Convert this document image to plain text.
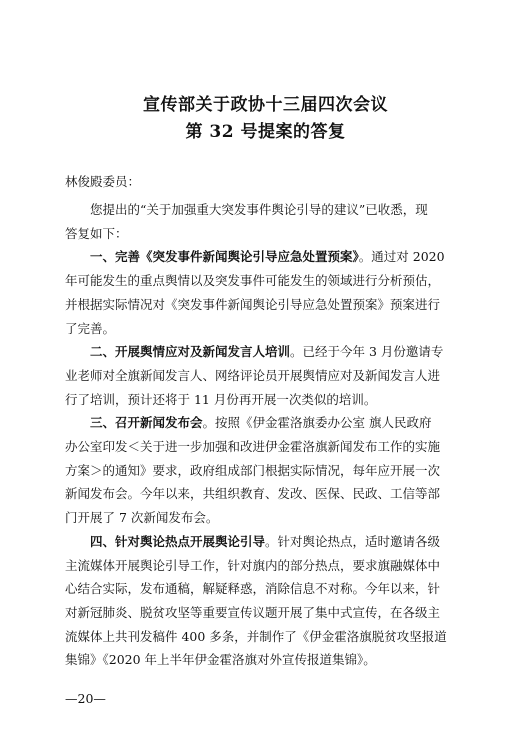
宣传部关于政协十三届四次会议
第 32 号提案的答复
林俊殿委员：
您提出的“关于加强重大突发事件舆论引导的建议”已收悉，现
答复如下：
一、完善《突发事件新闻舆论引导应急处置预案》。通过对 2020
年可能发生的重点舆情以及突发事件可能发生的领域进行分析预估，
并根据实际情况对《突发事件新闻舆论引导应急处置预案》预案进行
了完善。
二、开展舆情应对及新闻发言人培训。已经于今年 3 月份邀请专
业老师对全旗新闻发言人、网络评论员开展舆情应对及新闻发言人进
行了培训，预计还将于 11 月份再开展一次类似的培训。
三、召开新闻发布会。按照《伊金霍洛旗委办公室 旗人民政府
办公室印发＜关于进一步加强和改进伊金霍洛旗新闻发布工作的实施
方案＞的通知》要求，政府组成部门根据实际情况，每年应开展一次
新闻发布会。今年以来，共组织教育、发改、医保、民政、工信等部
门开展了 7 次新闻发布会。
四、针对舆论热点开展舆论引导。针对舆论热点，适时邀请各级
主流媒体开展舆论引导工作，针对旗内的部分热点，要求旗融媒体中
心结合实际，发布通稿，解疑释惑，消除信息不对称。今年以来，针
对新冠肺炎、脱贫攻坚等重要宣传议题开展了集中式宣传，在各级主
流媒体上共刊发稿件 400 多条，并制作了《伊金霍洛旗脱贫攻坚报道
集锦》《2020 年上半年伊金霍洛旗对外宣传报道集锦》。
—20—
